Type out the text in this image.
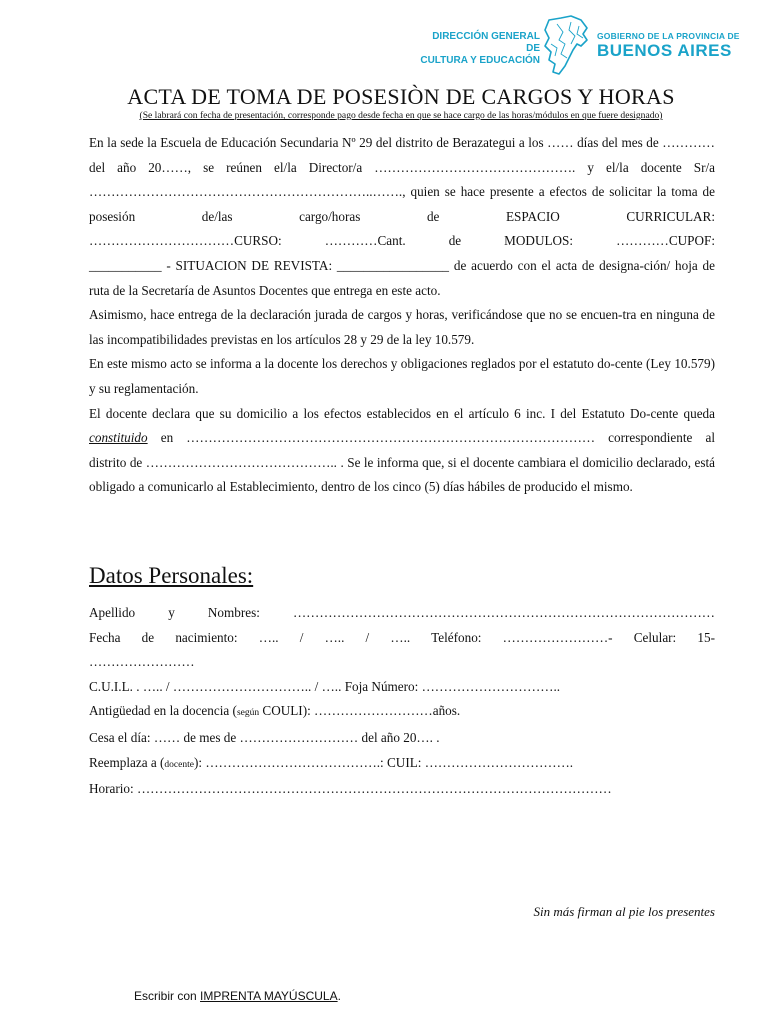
DIRECCIÓN GENERAL DE
CULTURA Y EDUCACIÓN
GOBIERNO DE LA PROVINCIA DE
BUENOS AIRES
ACTA DE TOMA DE POSESIÒN DE CARGOS Y HORAS
(Se labrará con fecha de presentación, corresponde pago desde fecha en que se hace cargo de las horas/módulos en que fuere designado)

En la sede la Escuela de Educación Secundaria Nº 29 del distrito de Berazategui a los …… días del mes de ………… del año 20……, se reúnen el/la Director/a ………………………………………. y el/la docente Sr/a ………………………………………………………..……., quien se hace presente a efectos de solicitar la toma de posesión de/las cargo/horas de ESPACIO CURRICULAR:

……………………………CURSO: …………Cant. de MODULOS: …………CUPOF:

___________ - SITUACION DE REVISTA: _________________ de acuerdo con el acta de designa-ción/ hoja de ruta de la Secretaría de Asuntos Docentes que entrega en este acto.

Asimismo, hace entrega de la declaración jurada de cargos y horas, verificándose que no se encuen-tra en ninguna de las incompatibilidades previstas en los artículos 28 y 29 de la ley 10.579.

En este mismo acto se informa a la docente los derechos y obligaciones reglados por el estatuto do-cente (Ley 10.579) y su reglamentación.

El docente declara que su domicilio a los efectos establecidos en el artículo 6 inc. I del Estatuto Do-cente queda constituido en ………………………………………………………………………………… correspondiente al distrito de …………………………………….. . Se le informa que, si el docente cambiara el domicilio declarado, está obligado a comunicarlo al Establecimiento, dentro de los cinco (5) días hábiles de producido el mismo.

Datos Personales:

Apellido y Nombres: ……………………………………………………………………………………

Fecha de nacimiento: ….. / ….. / ….. Teléfono: ……………………- Celular: 15-

……………………

C.U.I.L. . ….. / ………………………….. / ….. Foja Número: …………………………..

Antigüedad en la docencia (según COULI): ………………………años.

Cesa el día: …… de mes de ……………………… del año 20…. .

Reemplaza a (docente): ………………………………….: CUIL: …………………………….

Horario: ………………………………………………………………………………………………

Sin más firman al pie los presentes
Escribir con IMPRENTA MAYÚSCULA.
